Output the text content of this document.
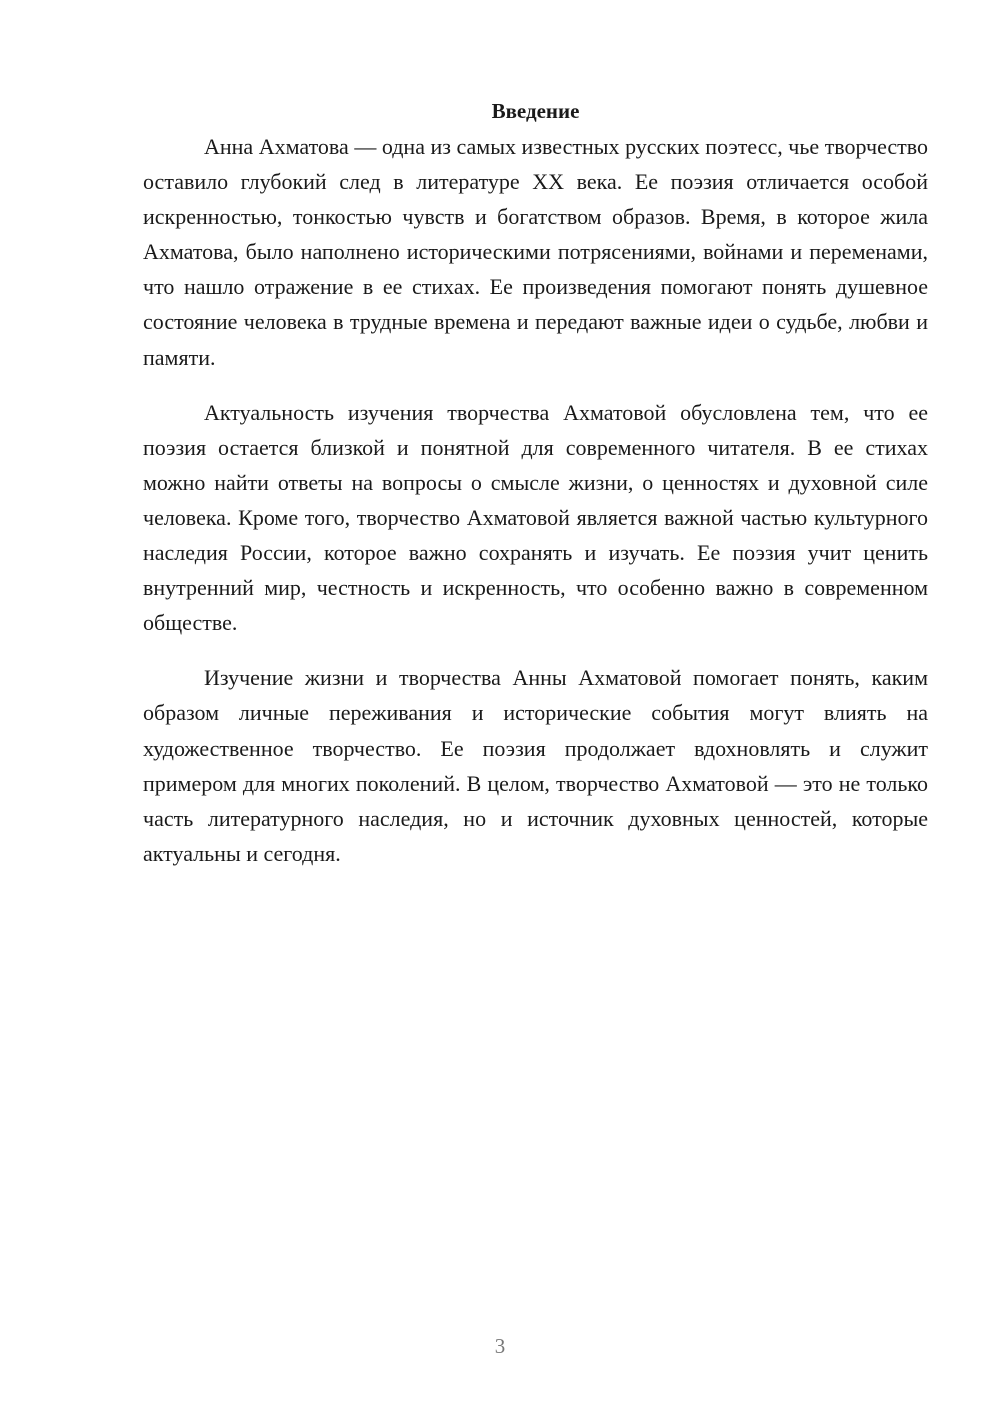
Введение

Анна Ахматова — одна из самых известных русских поэтесс, чье творчество оставило глубокий след в литературе XX века. Ее поэзия отличается особой искренностью, тонкостью чувств и богатством образов. Время, в которое жила Ахматова, было наполнено историческими потрясениями, войнами и переменами, что нашло отражение в ее стихах. Ее произведения помогают понять душевное состояние человека в трудные времена и передают важные идеи о судьбе, любви и памяти.

Актуальность изучения творчества Ахматовой обусловлена тем, что ее поэзия остается близкой и понятной для современного читателя. В ее стихах можно найти ответы на вопросы о смысле жизни, о ценностях и духовной силе человека. Кроме того, творчество Ахматовой является важной частью культурного наследия России, которое важно сохранять и изучать. Ее поэзия учит ценить внутренний мир, честность и искренность, что особенно важно в современном обществе.

Изучение жизни и творчества Анны Ахматовой помогает понять, каким образом личные переживания и исторические события могут влиять на художественное творчество. Ее поэзия продолжает вдохновлять и служит примером для многих поколений. В целом, творчество Ахматовой — это не только часть литературного наследия, но и источник духовных ценностей, которые актуальны и сегодня.

3
